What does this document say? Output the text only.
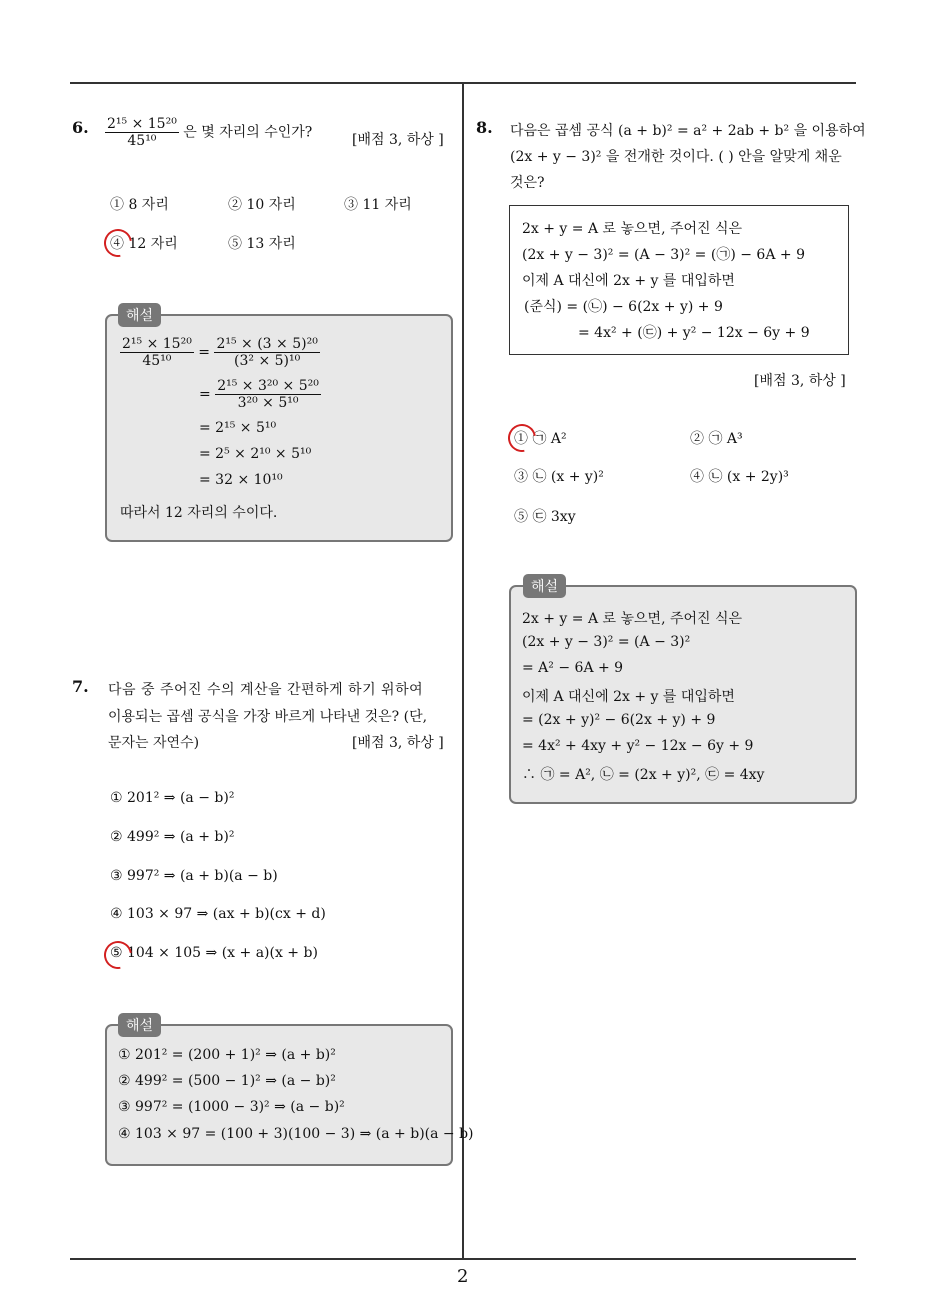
6. $\frac{\text{2¹⁵ × 15²⁰}}{\text{45¹⁰}}$ 은 몇 자리의 수인가?	[배점 3, 하상 ]
① 8 자리	② 10 자리	③ 11 자리
④ 12 자리	⑤ 13 자리
해설
$\frac{\text{2¹⁵ × 15²⁰}}{\text{45¹⁰}} = \frac{\text{2¹⁵ × (3 × 5)²⁰}}{\text{(3² × 5)¹⁰}}$
= $\frac{\text{2¹⁵ × 3²⁰ × 5²⁰}}{\text{3²⁰ × 5¹⁰}}$
= 2¹⁵ × 5¹⁰
= 2⁵ × 2¹⁰ × 5¹⁰
= 32 × 10¹⁰
따라서 12 자리의 수이다.
7. 다음 중 주어진 수의 계산을 간편하게 하기 위하여
이용되는 곱셈 공식을 가장 바르게 나타낸 것은? (단,
문자는 자연수)	[배점 3, 하상 ]
① 201² ⇒ (a − b)²
② 499² ⇒ (a + b)²
③ 997² ⇒ (a + b)(a − b)
④ 103 × 97 ⇒ (ax + b)(cx + d)
⑤ 104 × 105 ⇒ (x + a)(x + b)
해설
① 201² = (200 + 1)² ⇒ (a + b)²
② 499² = (500 − 1)² ⇒ (a − b)²
③ 997² = (1000 − 3)² ⇒ (a − b)²
④ 103 × 97 = (100 + 3)(100 − 3) ⇒ (a + b)(a − b)
8. 다음은 곱셈 공식 (a + b)² = a² + 2ab + b² 을 이용하여
(2x + y − 3)² 을 전개한 것이다. ( ) 안을 알맞게 채운
것은?
2x + y = A 로 놓으면, 주어진 식은
(2x + y − 3)² = (A − 3)² = (㉠) − 6A + 9
이제 A 대신에 2x + y 를 대입하면
(준식) = (㉡) − 6(2x + y) + 9
= 4x² + (㉢) + y² − 12x − 6y + 9
[배점 3, 하상 ]
① ㉠ A²	② ㉠ A³
③ ㉡ (x + y)²	④ ㉡ (x + 2y)³
⑤ ㉢ 3xy
해설
2x + y = A 로 놓으면, 주어진 식은
(2x + y − 3)² = (A − 3)²
= A² − 6A + 9
이제 A 대신에 2x + y 를 대입하면
= (2x + y)² − 6(2x + y) + 9
= 4x² + 4xy + y² − 12x − 6y + 9
∴ ㉠ = A², ㉡ = (2x + y)², ㉢ = 4xy
2
